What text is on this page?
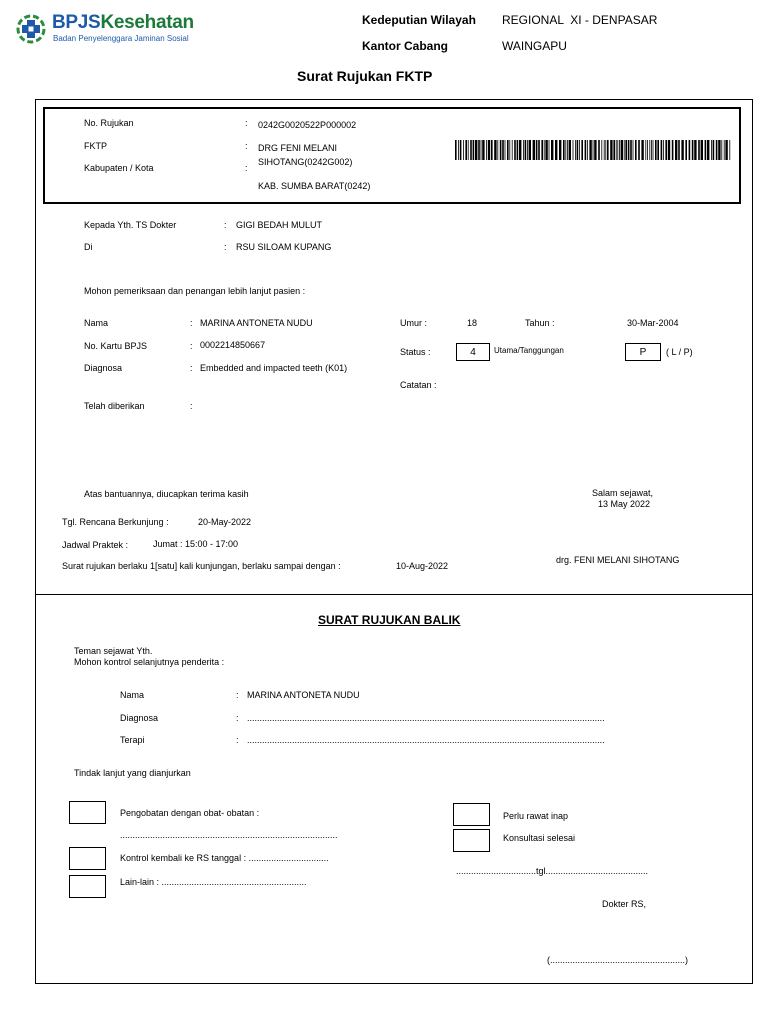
BPJSKesehatan
Badan Penyelenggara Jaminan Sosial
Kedeputian Wilayah REGIONAL  XI - DENPASAR
Kantor Cabang	WAINGAPU
Surat Rujukan FKTP
No. Rujukan	: 0242G0020522P000002
FKTP	: DRG FENI MELANI
SIHOTANG(0242G002)
Kabupaten / Kota	:
KAB. SUMBA BARAT(0242)
Kepada Yth. TS Dokter	: GIGI BEDAH MULUT
Di	: RSU SILOAM KUPANG
Mohon pemeriksaan dan penangan lebih lanjut pasien :
Nama	: MARINA ANTONETA NUDU
No. Kartu BPJS	: 0002214850667
Diagnosa	: Embedded and impacted teeth (K01)
Telah diberikan	:
Umur :	18	Tahun :	30-Mar-2004
Status :	4	Utama/Tanggungan	P	( L / P)
Catatan :
Atas bantuannya, diucapkan terima kasih	Salam sejawat,
13 May 2022
Tgl. Rencana Berkunjung :	20-May-2022
Jadwal Praktek :	Jumat : 15:00 - 17:00
Surat rujukan berlaku 1[satu] kali kunjungan, berlaku sampai dengan :	10-Aug-2022
drg. FENI MELANI SIHOTANG
SURAT RUJUKAN BALIK
Teman sejawat Yth.
Mohon kontrol selanjutnya penderita :
Nama	: MARINA ANTONETA NUDU
Diagnosa	: ...............................................................................................................................................
Terapi	: ...............................................................................................................................................
Tindak lanjut yang dianjurkan
Pengobatan dengan obat- obatan :
.......................................................................................
Kontrol kembali ke RS tanggal : ................................
Lain-lain : ..........................................................
Perlu rawat inap
Konsultasi selesai
................................tgl.........................................
Dokter RS,
(......................................................)
